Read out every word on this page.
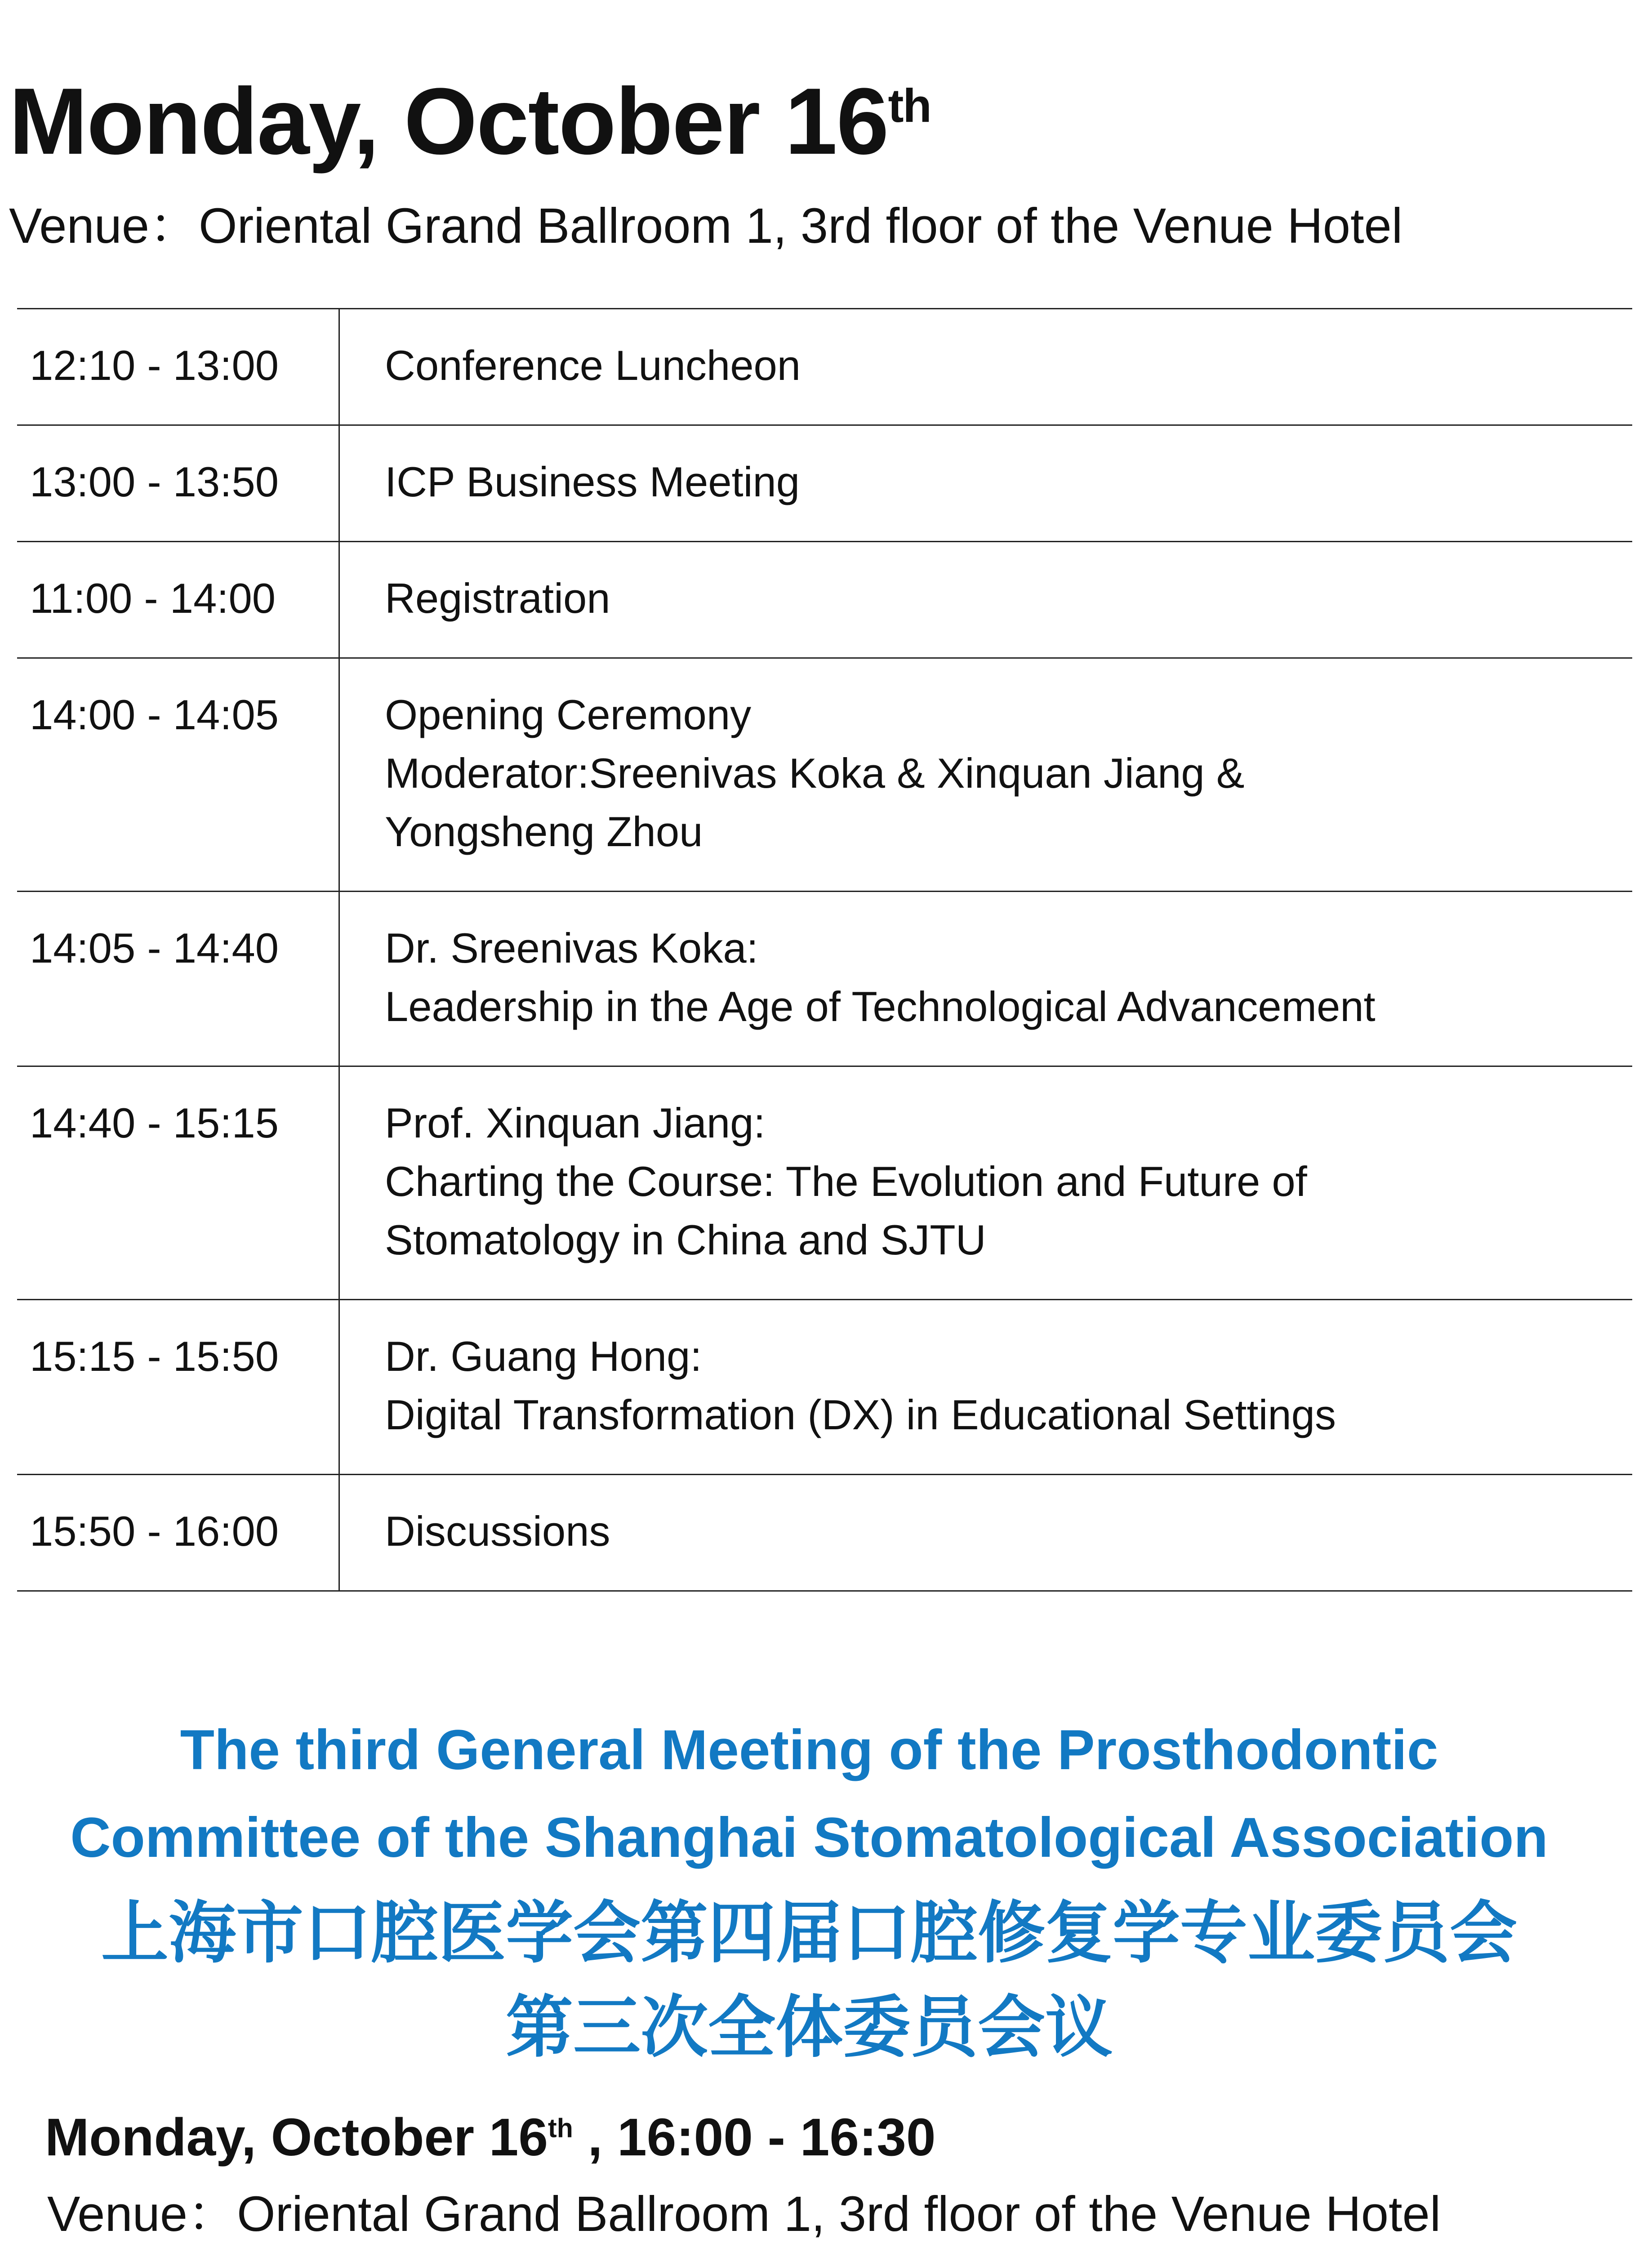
Monday, October 16th
Venue：Oriental Grand Ballroom 1, 3rd floor of the Venue Hotel
12:10 - 13:00	Conference Luncheon

13:00 - 13:50	ICP Business Meeting

11:00 - 14:00	Registration

14:00 - 14:05	Opening Ceremony
Moderator:Sreenivas Koka & Xinquan Jiang &
Yongsheng Zhou

14:05 - 14:40	Dr. Sreenivas Koka:
Leadership in the Age of Technological Advancement

14:40 - 15:15	Prof. Xinquan Jiang:
Charting the Course: The Evolution and Future of
Stomatology in China and SJTU

15:15 - 15:50	Dr. Guang Hong:
Digital Transformation (DX) in Educational Settings

15:50 - 16:00	Discussions
The third General Meeting of the Prosthodontic
Committee of the Shanghai Stomatological Association
上海市口腔医学会第四届口腔修复学专业委员会
第三次全体委员会议
Monday, October 16th , 16:00 - 16:30
Venue：Oriental Grand Ballroom 1, 3rd floor of the Venue Hotel
